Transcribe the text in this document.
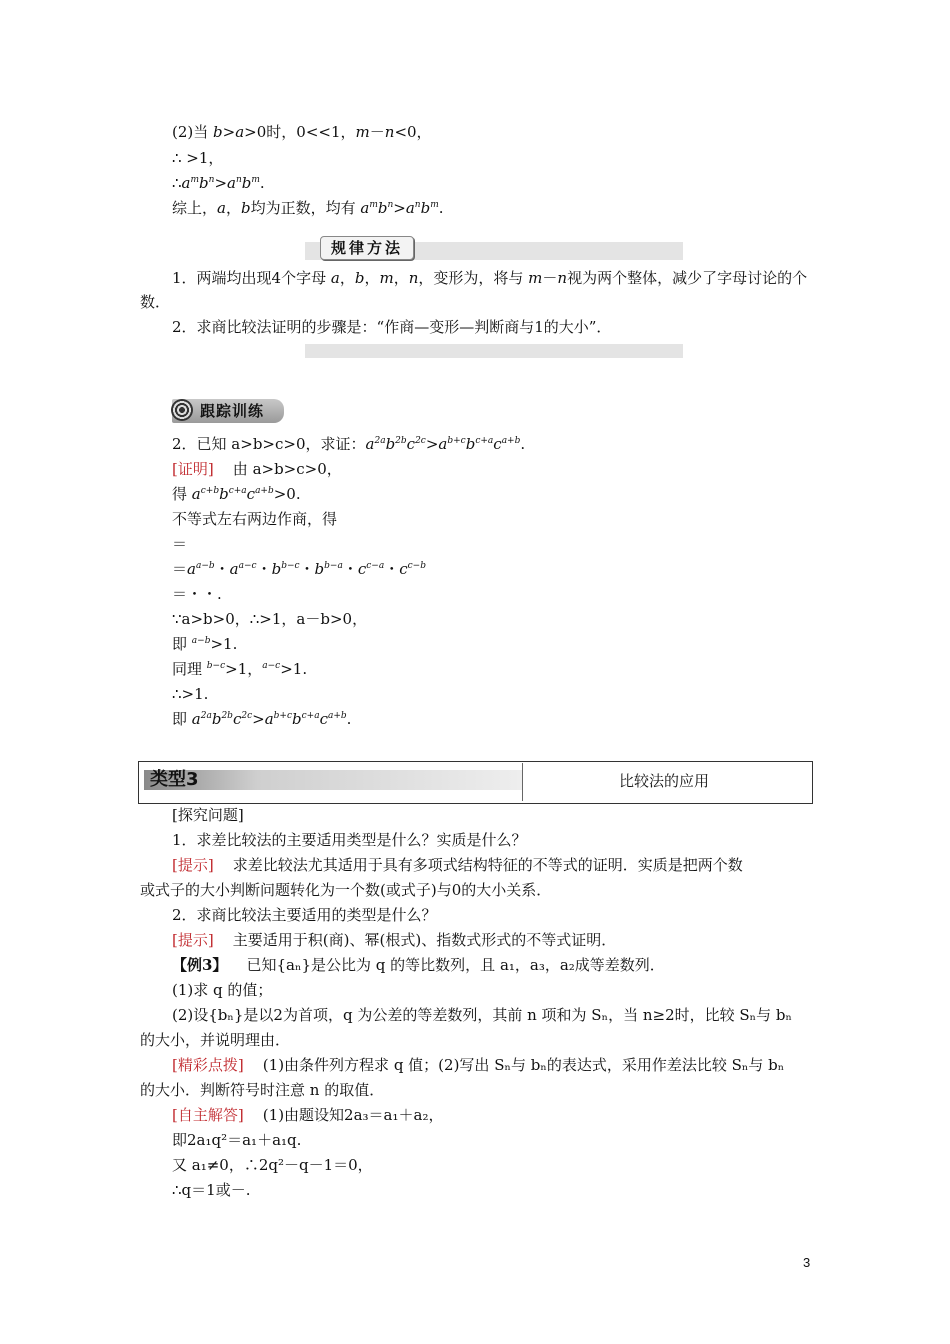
(2)当 b>a>0时，0<<1，m－n<0，
∴ >1，
$\therefore a^mb^n>a^nb^m$.
综上，a，b均为正数，均有 $a^mb^n>a^nb^m$.
规律方法
1．两端均出现4个字母 a，b，m，n，变形为，将与 m－n视为两个整体，减少了字母讨论的个
数．
2．求商比较法证明的步骤是：“作商—变形—判断商与1的大小”．
跟踪训练
2．已知 a>b>c>0，求证：$a^{2a}b^{2b}c^{2c}>a^{b+c}b^{c+a}c^{a+b}$.
[证明] 由 a>b>c>0，
得 $a^{c+b}b^{c+a}c^{a+b}>0$.
不等式左右两边作商，得
＝
$=a^{a-b}$・$a^{a-c}$・$b^{b-c}$・$b^{b-a}$・$c^{c-a}$・$c^{c-b}$
＝・・.
∵a>b>0，∴>1，a－b>0，
即 $^{a-b}$>1.
同理 $^{b-c}$>1，$^{a-c}$>1.
∴>1.
即 $a^{2a}b^{2b}c^{2c}>a^{b+c}b^{c+a}c^{a+b}$.
类型3	比较法的应用
[探究问题]
1．求差比较法的主要适用类型是什么？实质是什么？
[提示] 求差比较法尤其适用于具有多项式结构特征的不等式的证明．实质是把两个数
或式子的大小判断问题转化为一个数(或式子)与0的大小关系．
2．求商比较法主要适用的类型是什么？
[提示] 主要适用于积(商)、幂(根式)、指数式形式的不等式证明．
【例3】 已知{aₙ}是公比为 q 的等比数列，且 a₁，a₃，a₂成等差数列．
(1)求 q 的值；
(2)设{bₙ}是以2为首项，q 为公差的等差数列，其前 n 项和为 Sₙ，当 n≥2时，比较 Sₙ与 bₙ
的大小，并说明理由．
[精彩点拨] (1)由条件列方程求 q 值；(2)写出 Sₙ与 bₙ的表达式，采用作差法比较 Sₙ与 bₙ
的大小．判断符号时注意 n 的取值．
[自主解答] (1)由题设知2a₃＝a₁＋a₂，
即2a₁q²＝a₁＋a₁q.
又 a₁≠0，∴2q²－q－1＝0，
∴q＝1或－.
3
